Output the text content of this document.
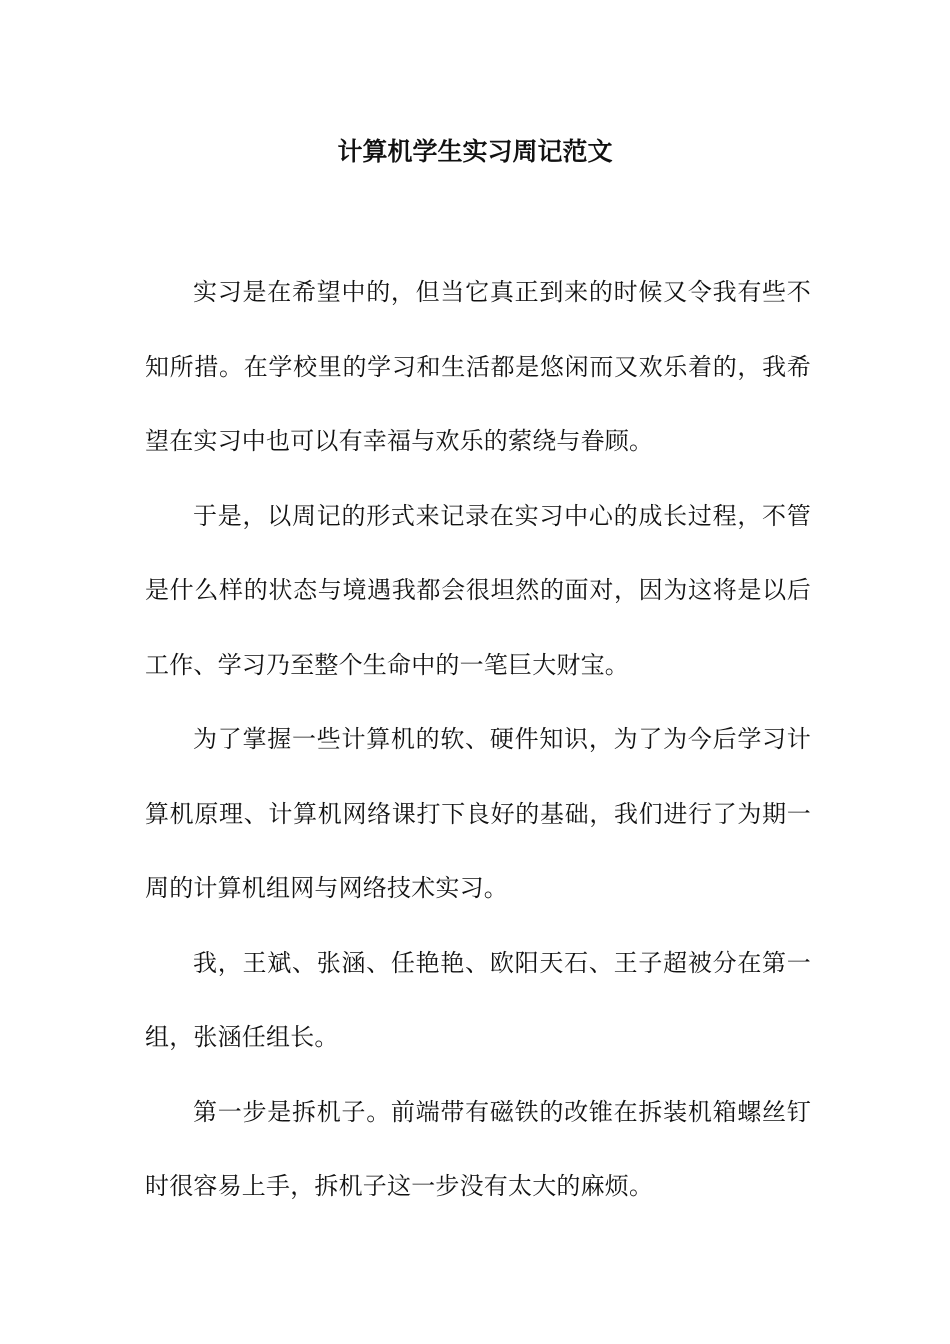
计算机学生实习周记范文

实习是在希望中的，但当它真正到来的时候又令我有些不知所措。在学校里的学习和生活都是悠闲而又欢乐着的，我希望在实习中也可以有幸福与欢乐的萦绕与眷顾。

于是，以周记的形式来记录在实习中心的成长过程，不管是什么样的状态与境遇我都会很坦然的面对，因为这将是以后工作、学习乃至整个生命中的一笔巨大财宝。

为了掌握一些计算机的软、硬件知识，为了为今后学习计算机原理、计算机网络课打下良好的基础，我们进行了为期一周的计算机组网与网络技术实习。

我，王斌、张涵、任艳艳、欧阳天石、王子超被分在第一组，张涵任组长。

第一步是拆机子。前端带有磁铁的改锥在拆装机箱螺丝钉时很容易上手，拆机子这一步没有太大的麻烦。
